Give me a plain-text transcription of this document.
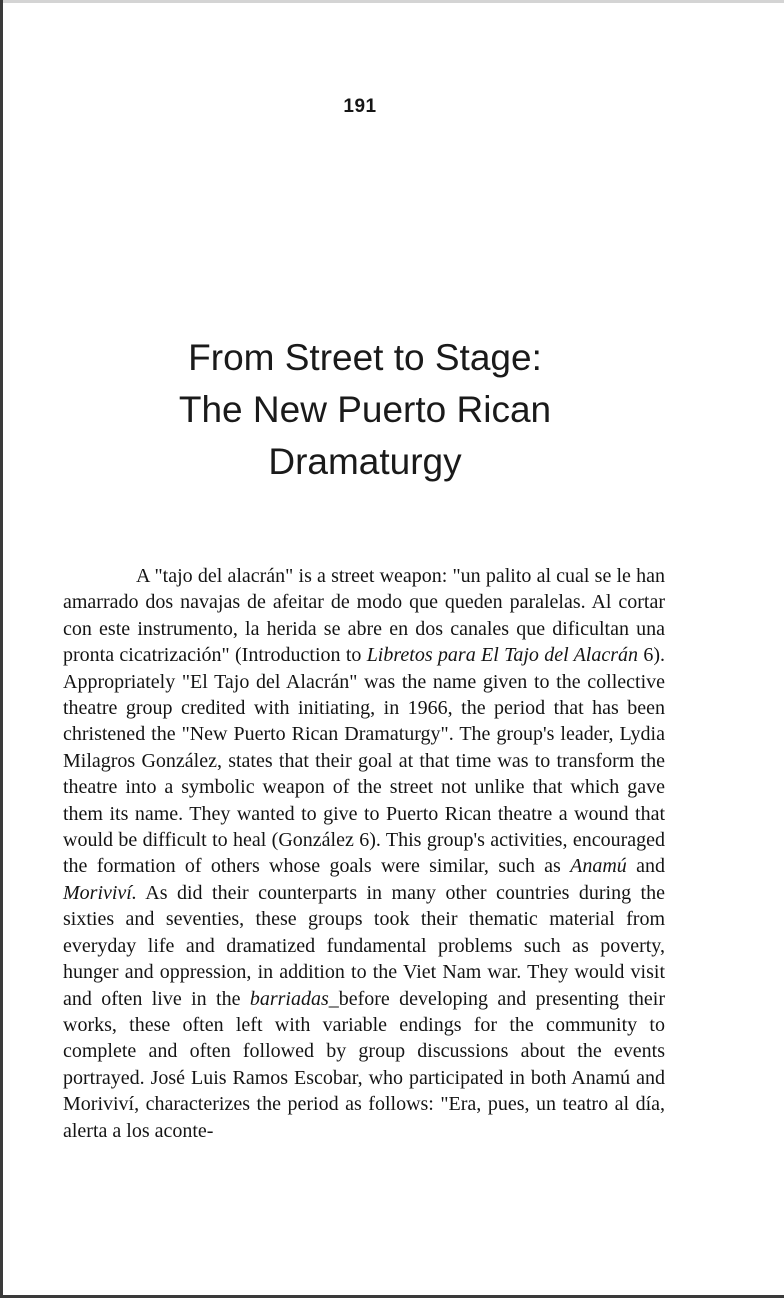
191
From Street to Stage:
The New Puerto Rican
Dramaturgy

A "tajo del alacrán" is a street weapon: "un palito al cual se le han amarrado dos navajas de afeitar de modo que queden paralelas. Al cortar con este instrumento, la herida se abre en dos canales que dificultan una pronta cicatrización" (Introduction to Libretos para El Tajo del Alacrán 6). Appropriately "El Tajo del Alacrán" was the name given to the collective theatre group credited with initiating, in 1966, the period that has been christened the "New Puerto Rican Dramaturgy". The group's leader, Lydia Milagros González, states that their goal at that time was to transform the theatre into a symbolic weapon of the street not unlike that which gave them its name. They wanted to give to Puerto Rican theatre a wound that would be difficult to heal (González 6). This group's activities, encouraged the formation of others whose goals were similar, such as Anamú and Moriviví. As did their counterparts in many other countries during the sixties and seventies, these groups took their thematic material from everyday life and dramatized fundamental problems such as poverty, hunger and oppression, in addition to the Viet Nam war. They would visit and often live in the barriadas_before developing and presenting their works, these often left with variable endings for the community to complete and often followed by group discussions about the events portrayed. José Luis Ramos Escobar, who participated in both Anamú and Moriviví, characterizes the period as follows: "Era, pues, un teatro al día, alerta a los aconte-
